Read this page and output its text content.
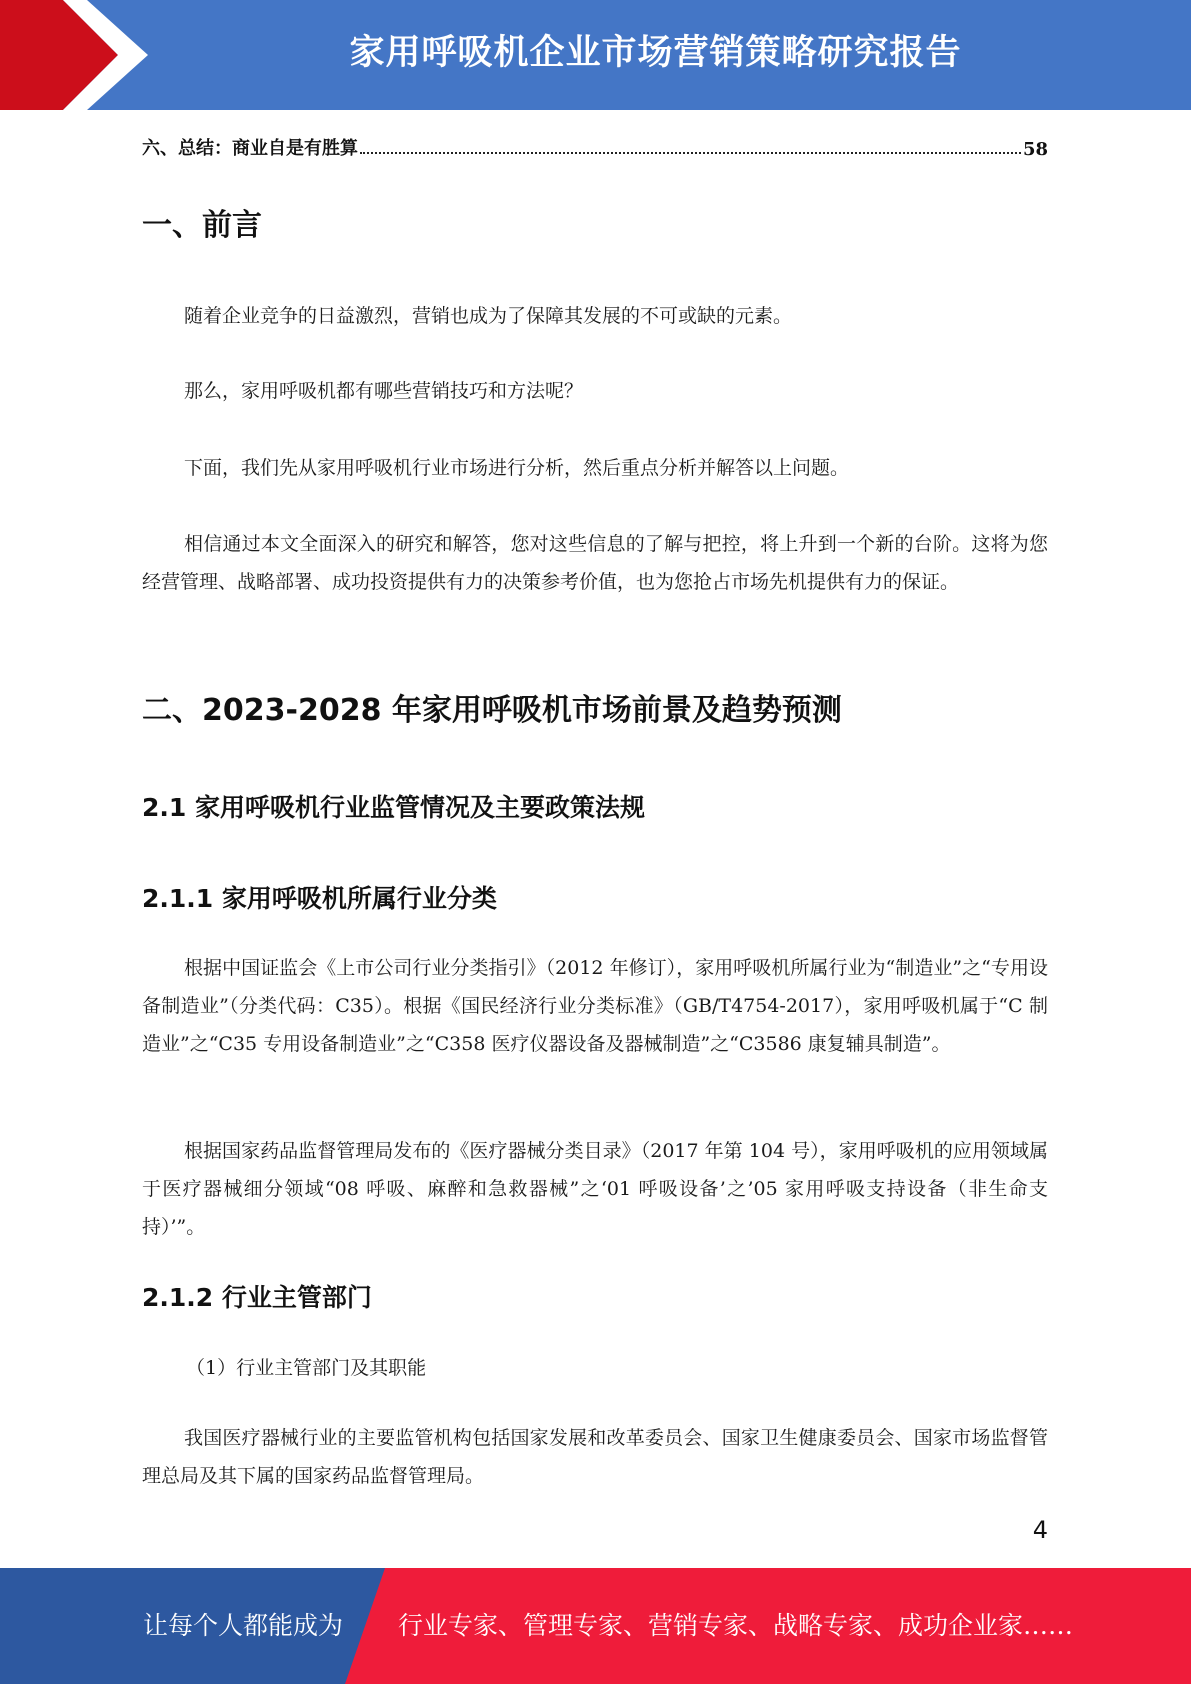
家用呼吸机企业市场营销策略研究报告
六、总结：商业自是有胜算	58
一、前言

随着企业竞争的日益激烈，营销也成为了保障其发展的不可或缺的元素。

那么，家用呼吸机都有哪些营销技巧和方法呢？

下面，我们先从家用呼吸机行业市场进行分析，然后重点分析并解答以上问题。

相信通过本文全面深入的研究和解答，您对这些信息的了解与把控，将上升到一个新的台阶。这将为您经营管理、战略部署、成功投资提供有力的决策参考价值，也为您抢占市场先机提供有力的保证。

二、2023-2028 年家用呼吸机市场前景及趋势预测
2.1 家用呼吸机行业监管情况及主要政策法规
2.1.1 家用呼吸机所属行业分类

根据中国证监会《上市公司行业分类指引》（2012 年修订），家用呼吸机所属行业为“制造业”之“专用设备制造业”（分类代码：C35）。根据《国民经济行业分类标准》（GB/T4754-2017），家用呼吸机属于“C 制造业”之“C35 专用设备制造业”之“C358 医疗仪器设备及器械制造”之“C3586 康复辅具制造”。

根据国家药品监督管理局发布的《医疗器械分类目录》（2017 年第 104 号），家用呼吸机的应用领域属于医疗器械细分领域“08 呼吸、麻醉和急救器械”之‘01 呼吸设备’之’05 家用呼吸支持设备（非生命支持）’”。

2.1.2 行业主管部门
（1）行业主管部门及其职能

我国医疗器械行业的主要监管机构包括国家发展和改革委员会、国家卫生健康委员会、国家市场监督管理总局及其下属的国家药品监督管理局。

4
让每个人都能成为 行业专家、管理专家、营销专家、战略专家、成功企业家……
